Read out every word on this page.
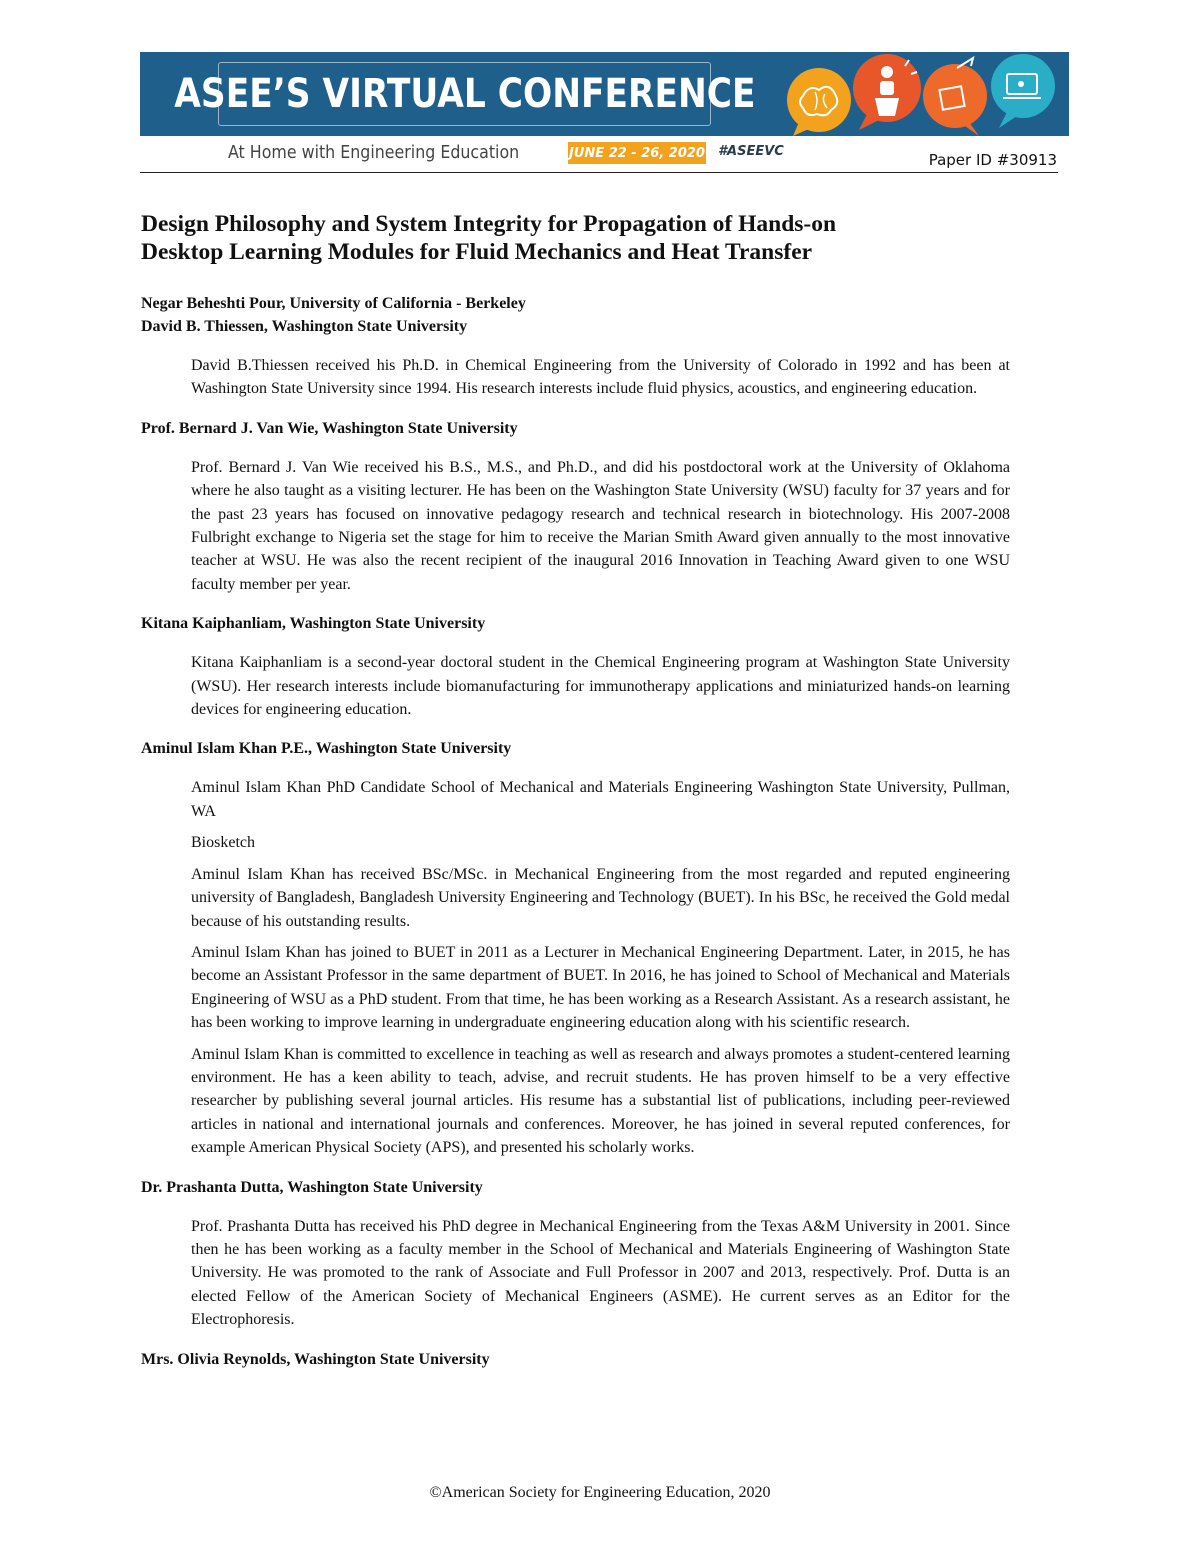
ASEE’S VIRTUAL CONFERENCE
At Home with Engineering Education	JUNE 22 - 26, 2020 #ASEEVC	Paper ID #30913
Design Philosophy and System Integrity for Propagation of Hands-on
Desktop Learning Modules for Fluid Mechanics and Heat Transfer

Negar Beheshti Pour, University of California - Berkeley

David B. Thiessen, Washington State University

David B.Thiessen received his Ph.D. in Chemical Engineering from the University of Colorado in 1992 and has been at Washington State University since 1994. His research interests include fluid physics, acoustics, and engineering education.

Prof. Bernard J. Van Wie, Washington State University

Prof. Bernard J. Van Wie received his B.S., M.S., and Ph.D., and did his postdoctoral work at the University of Oklahoma where he also taught as a visiting lecturer. He has been on the Washington State University (WSU) faculty for 37 years and for the past 23 years has focused on innovative pedagogy research and technical research in biotechnology. His 2007-2008 Fulbright exchange to Nigeria set the stage for him to receive the Marian Smith Award given annually to the most innovative teacher at WSU. He was also the recent recipient of the inaugural 2016 Innovation in Teaching Award given to one WSU faculty member per year.

Kitana Kaiphanliam, Washington State University

Kitana Kaiphanliam is a second-year doctoral student in the Chemical Engineering program at Washington State University (WSU). Her research interests include biomanufacturing for immunotherapy applications and miniaturized hands-on learning devices for engineering education.

Aminul Islam Khan P.E., Washington State University

Aminul Islam Khan PhD Candidate School of Mechanical and Materials Engineering Washington State University, Pullman, WA

Biosketch

Aminul Islam Khan has received BSc/MSc. in Mechanical Engineering from the most regarded and reputed engineering university of Bangladesh, Bangladesh University Engineering and Technology (BUET). In his BSc, he received the Gold medal because of his outstanding results.

Aminul Islam Khan has joined to BUET in 2011 as a Lecturer in Mechanical Engineering Department. Later, in 2015, he has become an Assistant Professor in the same department of BUET. In 2016, he has joined to School of Mechanical and Materials Engineering of WSU as a PhD student. From that time, he has been working as a Research Assistant. As a research assistant, he has been working to improve learning in undergraduate engineering education along with his scientific research.

Aminul Islam Khan is committed to excellence in teaching as well as research and always promotes a student-centered learning environment. He has a keen ability to teach, advise, and recruit students. He has proven himself to be a very effective researcher by publishing several journal articles. His resume has a substantial list of publications, including peer-reviewed articles in national and international journals and conferences. Moreover, he has joined in several reputed conferences, for example American Physical Society (APS), and presented his scholarly works.

Dr. Prashanta Dutta, Washington State University

Prof. Prashanta Dutta has received his PhD degree in Mechanical Engineering from the Texas A&M University in 2001. Since then he has been working as a faculty member in the School of Mechanical and Materials Engineering of Washington State University. He was promoted to the rank of Associate and Full Professor in 2007 and 2013, respectively. Prof. Dutta is an elected Fellow of the American Society of Mechanical Engineers (ASME). He current serves as an Editor for the Electrophoresis.

Mrs. Olivia Reynolds, Washington State University

©American Society for Engineering Education, 2020
